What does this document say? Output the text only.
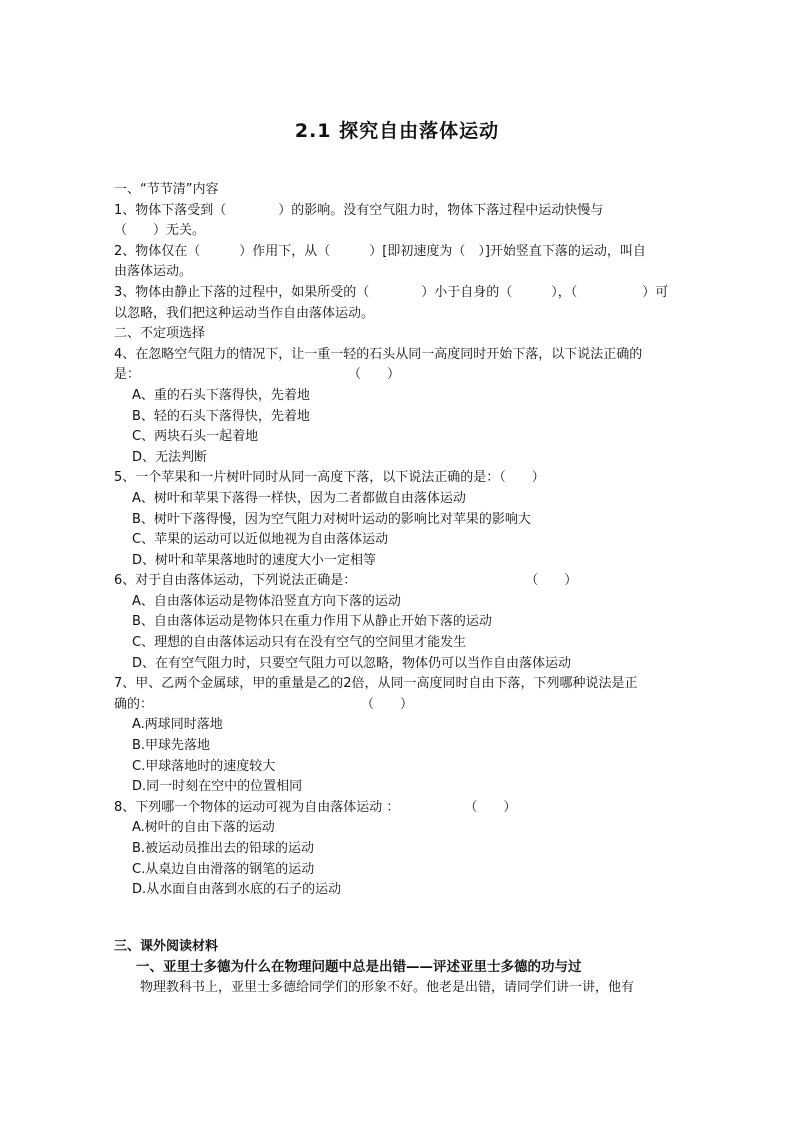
2.1 探究自由落体运动
一、“节节清”内容
1、物体下落受到（　　　　）的影响。没有空气阻力时，物体下落过程中运动快慢与
（　　）无关。
2、物体仅在（　　　）作用下，从（　　　）[即初速度为（　）]开始竖直下落的运动，叫自
由落体运动。
3、物体由静止下落的过程中，如果所受的（　　　　）小于自身的（　　　），（　　　　　）可
以忽略，我们把这种运动当作自由落体运动。
二、不定项选择
4、在忽略空气阻力的情况下，让一重一轻的石头从同一高度同时开始下落，以下说法正确的
是：　　　　　　　　　　　　　　　　　（　　）
A、重的石头下落得快，先着地
B、轻的石头下落得快，先着地
C、两块石头一起着地
D、无法判断
5、一个苹果和一片树叶同时从同一高度下落，以下说法正确的是：（　　）
A、树叶和苹果下落得一样快，因为二者都做自由落体运动
B、树叶下落得慢，因为空气阻力对树叶运动的影响比对苹果的影响大
C、苹果的运动可以近似地视为自由落体运动
D、树叶和苹果落地时的速度大小一定相等
6、对于自由落体运动，下列说法正确是：　　　　　　　　　　　　　　（　　）
A、自由落体运动是物体沿竖直方向下落的运动
B、自由落体运动是物体只在重力作用下从静止开始下落的运动
C、理想的自由落体运动只有在没有空气的空间里才能发生
D、在有空气阻力时，只要空气阻力可以忽略，物体仍可以当作自由落体运动
7、甲、乙两个金属球，甲的重量是乙的2倍，从同一高度同时自由下落，下列哪种说法是正
确的：　　　　　　　　　　　　　　　　　（　　）
A.两球同时落地
B.甲球先落地
C.甲球落地时的速度较大
D.同一时刻在空中的位置相同
8、下列哪一个物体的运动可视为自由落体运动 ：　　　　　　（　　）
A.树叶的自由下落的运动
B.被运动员推出去的铅球的运动
C.从桌边自由滑落的钢笔的运动
D.从水面自由落到水底的石子的运动
三、课外阅读材料
一、亚里士多德为什么在物理问题中总是出错——评述亚里士多德的功与过
物理教科书上，亚里士多德给同学们的形象不好。他老是出错，请同学们讲一讲，他有
